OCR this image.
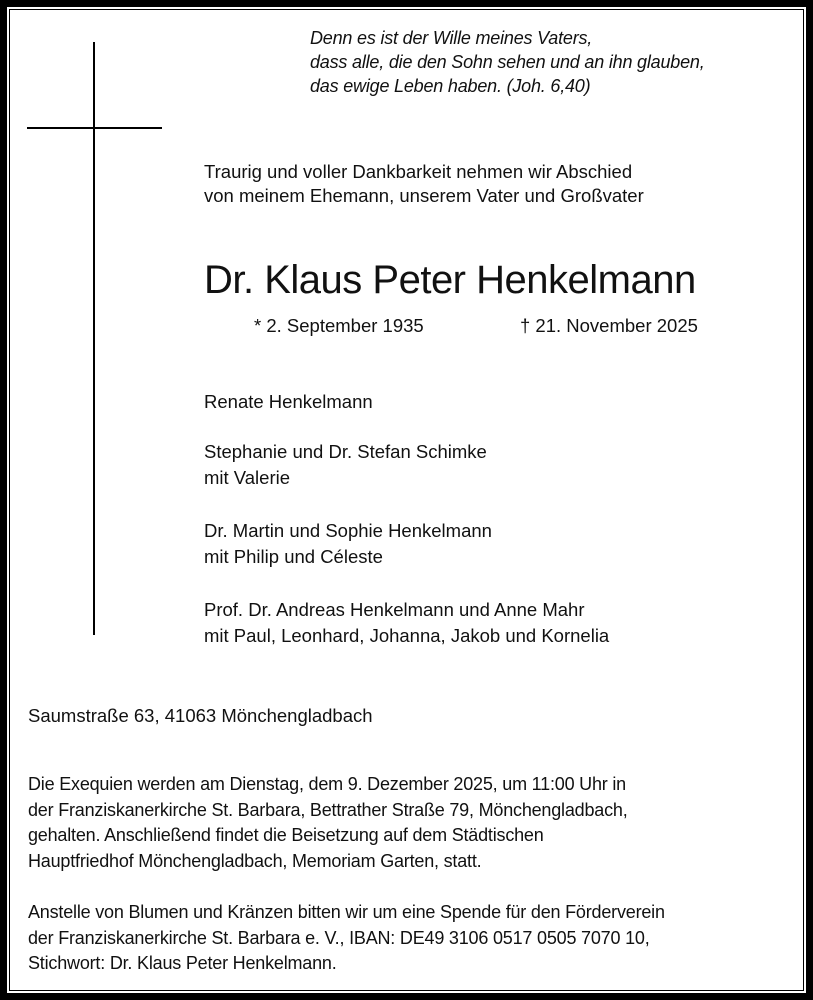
Denn es ist der Wille meines Vaters,
dass alle, die den Sohn sehen und an ihn glauben,
das ewige Leben haben. (Joh. 6,40)
Traurig und voller Dankbarkeit nehmen wir Abschied
von meinem Ehemann, unserem Vater und Großvater
Dr. Klaus Peter Henkelmann
* 2. September 1935	† 21. November 2025
Renate Henkelmann
Stephanie und Dr. Stefan Schimke
mit Valerie
Dr. Martin und Sophie Henkelmann
mit Philip und Céleste
Prof. Dr. Andreas Henkelmann und Anne Mahr
mit Paul, Leonhard, Johanna, Jakob und Kornelia
Saumstraße 63, 41063 Mönchengladbach
Die Exequien werden am Dienstag, dem 9. Dezember 2025, um 11:00 Uhr in
der Franziskanerkirche St. Barbara, Bettrather Straße 79, Mönchengladbach,
gehalten. Anschließend findet die Beisetzung auf dem Städtischen
Hauptfriedhof Mönchengladbach, Memoriam Garten, statt.
Anstelle von Blumen und Kränzen bitten wir um eine Spende für den Förderverein
der Franziskanerkirche St. Barbara e. V., IBAN: DE49 3106 0517 0505 7070 10,
Stichwort: Dr. Klaus Peter Henkelmann.
